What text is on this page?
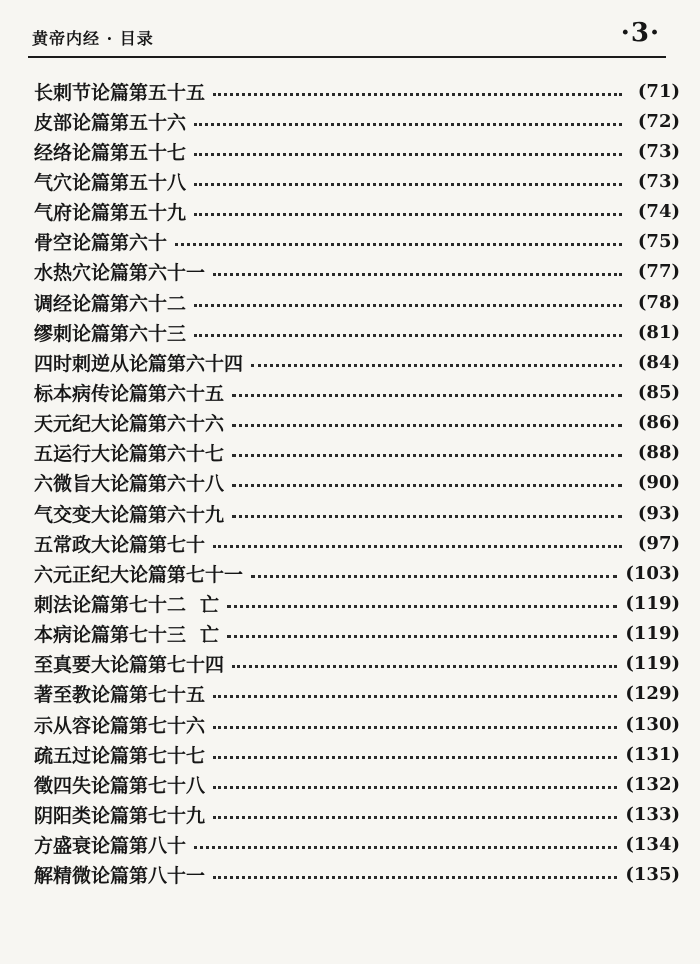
黄帝内经 · 目录	·3·
长刺节论篇第五十五	(71)
皮部论篇第五十六	(72)
经络论篇第五十七	(73)
气穴论篇第五十八	(73)
气府论篇第五十九	(74)
骨空论篇第六十	(75)
水热穴论篇第六十一	(77)
调经论篇第六十二	(78)
缪刺论篇第六十三	(81)
四时刺逆从论篇第六十四	(84)
标本病传论篇第六十五	(85)
天元纪大论篇第六十六	(86)
五运行大论篇第六十七	(88)
六微旨大论篇第六十八	(90)
气交变大论篇第六十九	(93)
五常政大论篇第七十	(97)
六元正纪大论篇第七十一	(103)
刺法论篇第七十二 亡	(119)
本病论篇第七十三 亡	(119)
至真要大论篇第七十四	(119)
著至教论篇第七十五	(129)
示从容论篇第七十六	(130)
疏五过论篇第七十七	(131)
徵四失论篇第七十八	(132)
阴阳类论篇第七十九	(133)
方盛衰论篇第八十	(134)
解精微论篇第八十一	(135)
